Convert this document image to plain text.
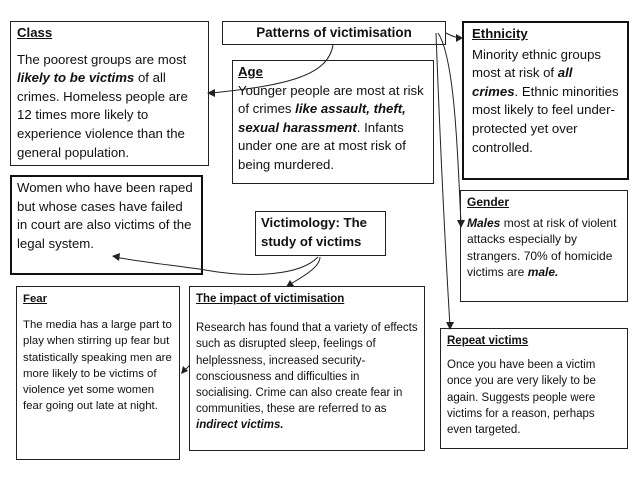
Class

The poorest groups are most likely to be victims of all crimes. Homeless people are 12 times more likely to experience violence than the general population.

Patterns of victimisation
Age

Younger people are most at risk of crimes like assault, theft, sexual harassment. Infants under one are at most risk of being murdered.

Ethnicity

Minority ethnic groups most at risk of all crimes. Ethnic minorities most likely to feel under-protected yet over controlled.

Women who have been raped but whose cases have failed in court are also victims of the legal system.

Victimology: The study of victims

Gender

Males most at risk of violent attacks especially by strangers. 70% of homicide victims are male.

Fear

The media has a large part to play when stirring up fear but statistically speaking men are more likely to be victims of violence yet some women fear going out late at night.

The impact of victimisation

Research has found that a variety of effects such as disrupted sleep, feelings of helplessness, increased security-consciousness and difficulties in socialising. Crime can also create fear in communities, these are referred to as indirect victims.

Repeat victims

Once you have been a victim once you are very likely to be again. Suggests people were victims for a reason, perhaps even targeted.
